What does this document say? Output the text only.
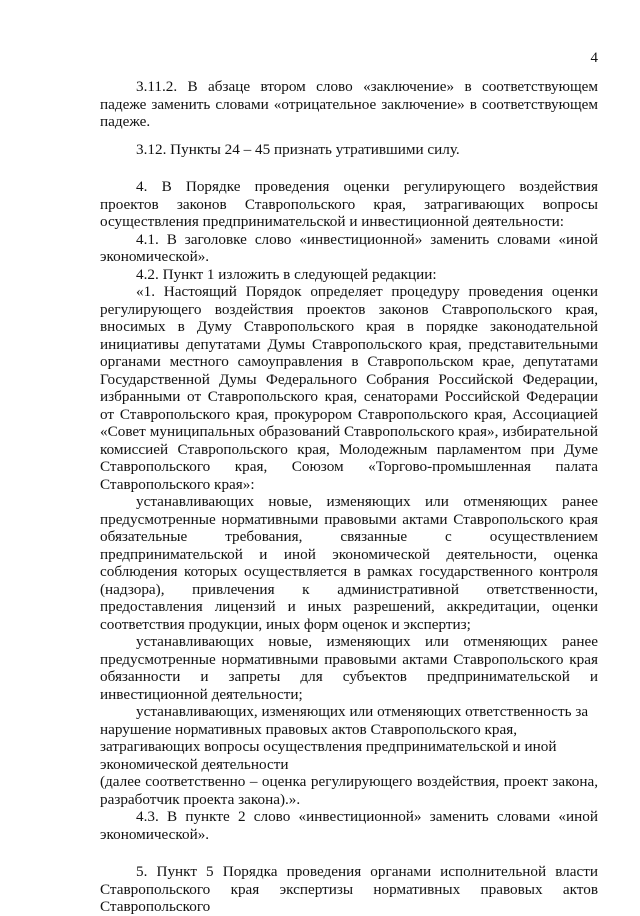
4

3.11.2. В абзаце втором слово «заключение» в соответствующем падеже заменить словами «отрицательное заключение» в соответствующем падеже.

3.12. Пункты 24 – 45 признать утратившими силу.

4. В Порядке проведения оценки регулирующего воздействия проектов законов Ставропольского края, затрагивающих вопросы осуществления предпринимательской и инвестиционной деятельности:

4.1. В заголовке слово «инвестиционной» заменить словами «иной экономической».

4.2. Пункт 1 изложить в следующей редакции:

«1. Настоящий Порядок определяет процедуру проведения оценки регулирующего воздействия проектов законов Ставропольского края, вносимых в Думу Ставропольского края в порядке законодательной инициативы депутатами Думы Ставропольского края, представительными органами местного самоуправления в Ставропольском крае, депутатами Государственной Думы Федерального Собрания Российской Федерации, избранными от Ставропольского края, сенаторами Российской Федерации от Ставропольского края, прокурором Ставропольского края, Ассоциацией «Совет муниципальных образований Ставропольского края», избирательной комиссией Ставропольского края, Молодежным парламентом при Думе Ставропольского края, Союзом «Торгово-промышленная палата Ставропольского края»:

устанавливающих новые, изменяющих или отменяющих ранее предусмотренные нормативными правовыми актами Ставропольского края обязательные требования, связанные с осуществлением предпринимательской и иной экономической деятельности, оценка соблюдения которых осуществляется в рамках государственного контроля (надзора), привлечения к административной ответственности, предоставления лицензий и иных разрешений, аккредитации, оценки соответствия продукции, иных форм оценок и экспертиз;

устанавливающих новые, изменяющих или отменяющих ранее предусмотренные нормативными правовыми актами Ставропольского края обязанности и запреты для субъектов предпринимательской и инвестиционной деятельности;

устанавливающих, изменяющих или отменяющих ответственность за нарушение нормативных правовых актов Ставропольского края, затрагивающих вопросы осуществления предпринимательской и иной экономической деятельности

(далее соответственно – оценка регулирующего воздействия, проект закона, разработчик проекта закона).».

4.3. В пункте 2 слово «инвестиционной» заменить словами «иной экономической».

5. Пункт 5 Порядка проведения органами исполнительной власти Ставропольского края экспертизы нормативных правовых актов Ставропольского
